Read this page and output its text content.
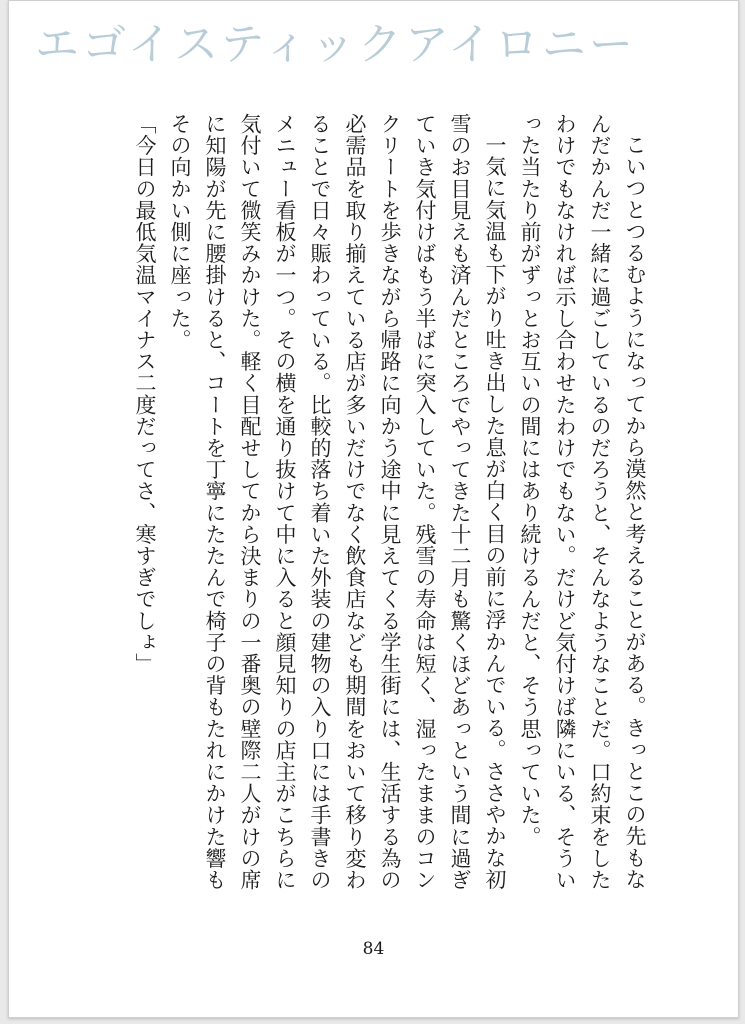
エゴイスティックアイロニー

こいつとつるむようになってから漠然と考えることがある。きっとこの先もなんだかんだ一緒に過ごしているのだろうと、そんなようなことだ。口約束をしたわけでもなければ示し合わせたわけでもない。だけど気付けば隣にいる、そういった当たり前がずっとお互いの間にはあり続けるんだと、そう思っていた。

一気に気温も下がり吐き出した息が白く目の前に浮かんでいる。ささやかな初雪のお目見えも済んだところでやってきた十二月も驚くほどあっという間に過ぎていき気付けばもう半ばに突入していた。残雪の寿命は短く、湿ったままのコンクリートを歩きながら帰路に向かう途中に見えてくる学生街には、生活する為の必需品を取り揃えている店が多いだけでなく飲食店なども期間をおいて移り変わることで日々賑わっている。比較的落ち着いた外装の建物の入り口には手書きのメニュー看板が一つ。その横を通り抜けて中に入ると顔見知りの店主がこちらに気付いて微笑みかけた。軽く目配せしてから決まりの一番奥の壁際二人がけの席に知陽が先に腰掛けると、コートを丁寧にたたんで椅子の背もたれにかけた響もその向かい側に座った。

「今日の最低気温マイナス二度だってさ、寒すぎでしょ」

84
